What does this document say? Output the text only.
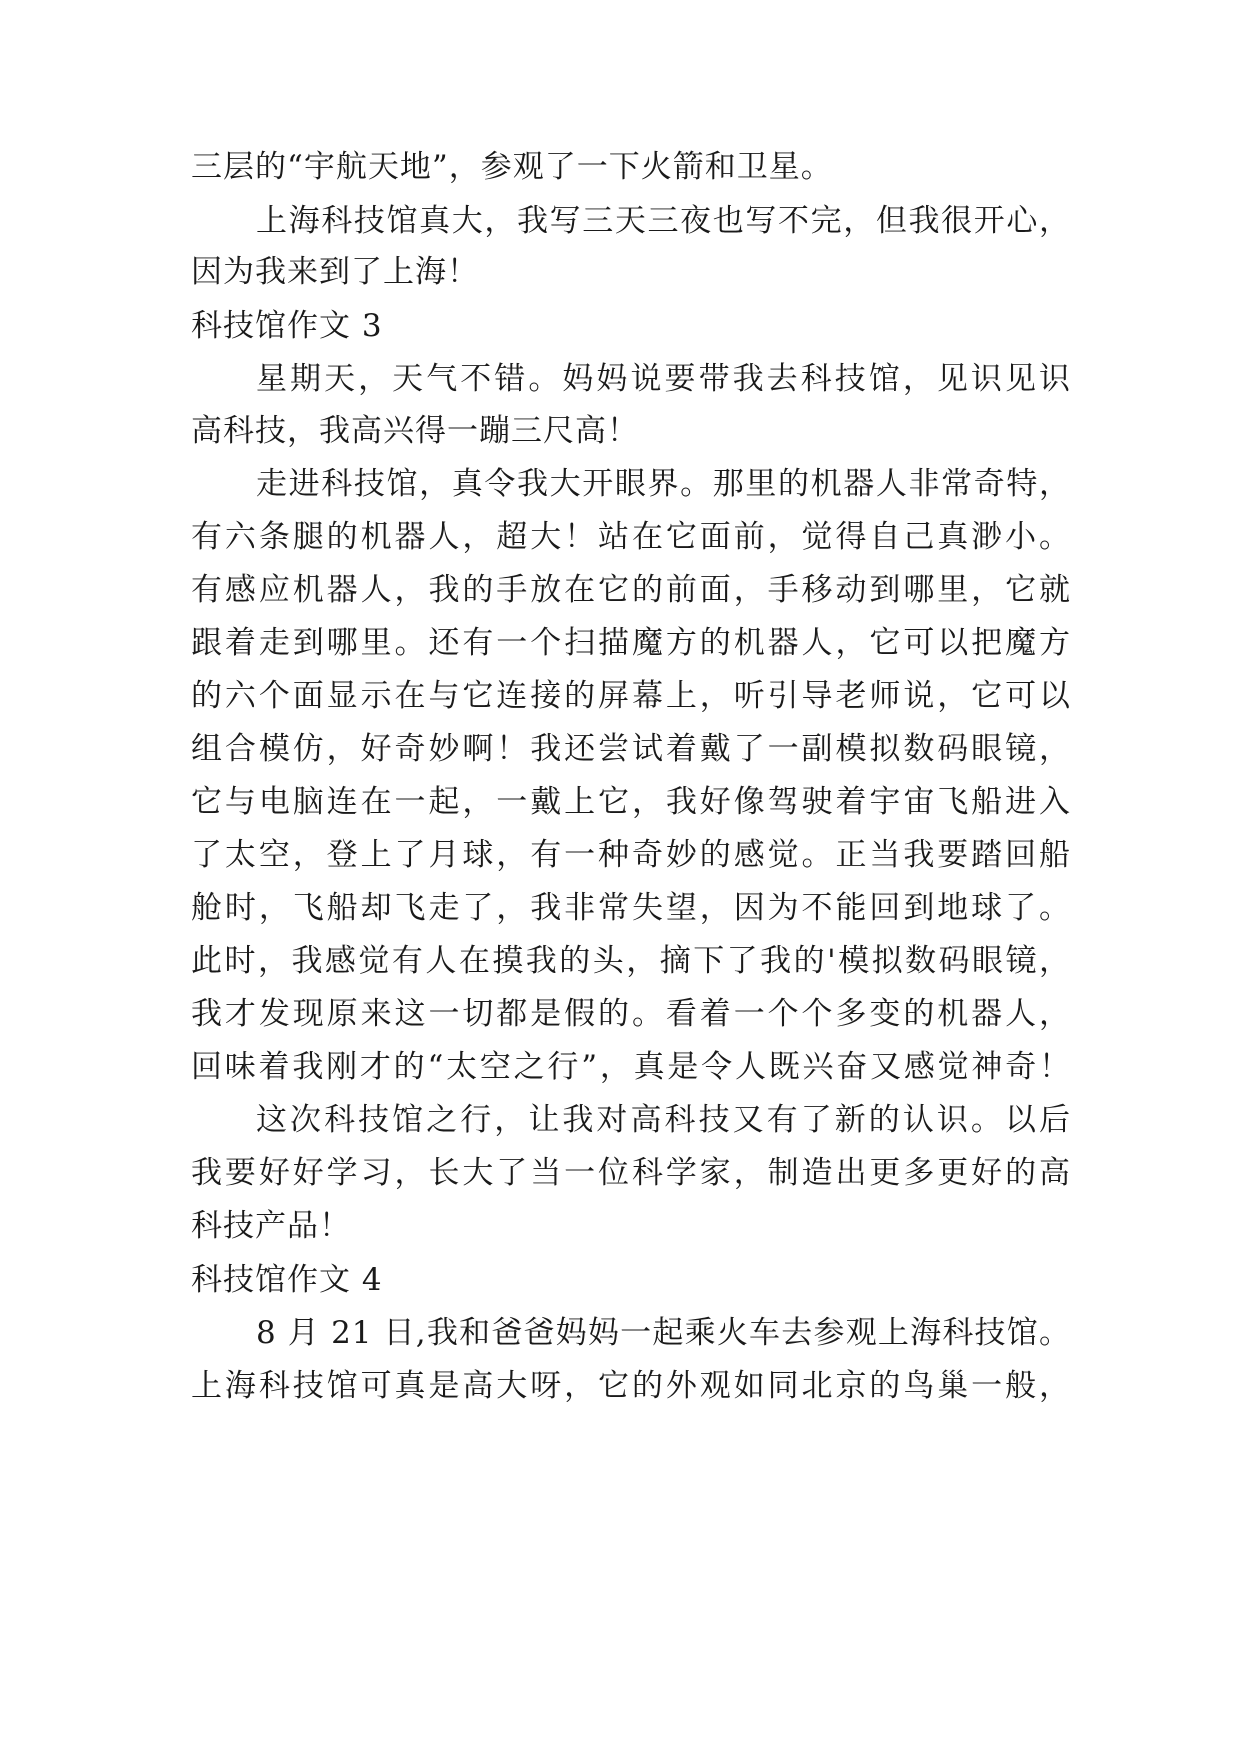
三层的“宇航天地”，参观了一下火箭和卫星。
上海科技馆真大，我写三天三夜也写不完，但我很开心，
因为我来到了上海！
科技馆作文 3
星期天，天气不错。妈妈说要带我去科技馆，见识见识
高科技，我高兴得一蹦三尺高！
走进科技馆，真令我大开眼界。那里的机器人非常奇特，
有六条腿的机器人，超大！站在它面前，觉得自己真渺小。
有感应机器人，我的手放在它的前面，手移动到哪里，它就
跟着走到哪里。还有一个扫描魔方的机器人，它可以把魔方
的六个面显示在与它连接的屏幕上，听引导老师说，它可以
组合模仿，好奇妙啊！我还尝试着戴了一副模拟数码眼镜，
它与电脑连在一起，一戴上它，我好像驾驶着宇宙飞船进入
了太空，登上了月球，有一种奇妙的感觉。正当我要踏回船
舱时，飞船却飞走了，我非常失望，因为不能回到地球了。
此时，我感觉有人在摸我的头，摘下了我的'模拟数码眼镜，
我才发现原来这一切都是假的。看着一个个多变的机器人，
回味着我刚才的“太空之行”，真是令人既兴奋又感觉神奇！
这次科技馆之行，让我对高科技又有了新的认识。以后
我要好好学习，长大了当一位科学家，制造出更多更好的高
科技产品！
科技馆作文 4
8 月 21 日,我和爸爸妈妈一起乘火车去参观上海科技馆。
上海科技馆可真是高大呀，它的外观如同北京的鸟巢一般，
